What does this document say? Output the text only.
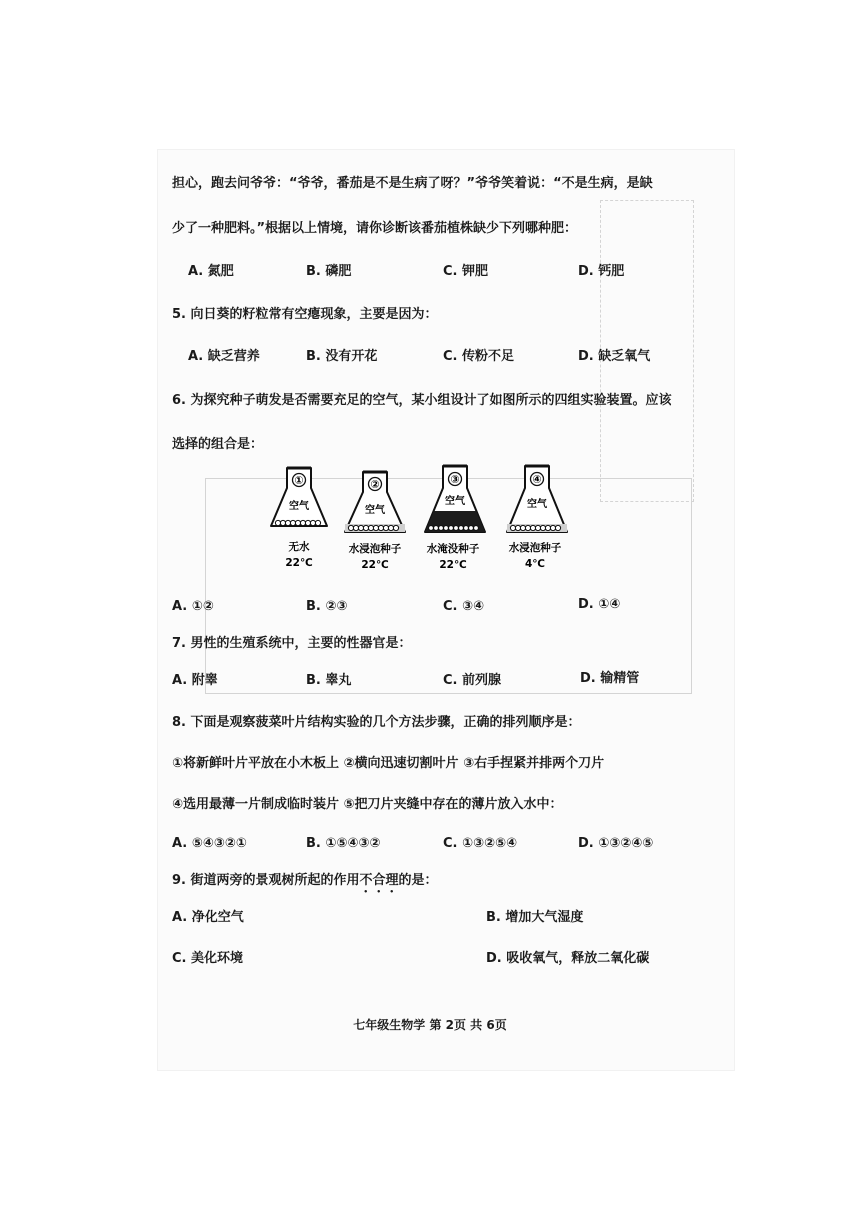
担心，跑去问爷爷：“爷爷，番茄是不是生病了呀？”爷爷笑着说：“不是生病，是缺
少了一种肥料。”根据以上情境，请你诊断该番茄植株缺少下列哪种肥：
A. 氮肥	B. 磷肥	C. 钾肥	D. 钙肥
5. 向日葵的籽粒常有空瘪现象，主要是因为：
A. 缺乏营养	B. 没有开花	C. 传粉不足	D. 缺乏氧气
6. 为探究种子萌发是否需要充足的空气，某小组设计了如图所示的四组实验装置。应该
选择的组合是：
①
空气
无水
22℃
②
空气
水浸泡种子
22℃
③
空气
水淹没种子
22℃
④
空气
水浸泡种子
4℃
A. ①②	B. ②③	C. ③④	D. ①④
7. 男性的生殖系统中，主要的性器官是：
A. 附睾	B. 睾丸	C. 前列腺	D. 输精管
8. 下面是观察菠菜叶片结构实验的几个方法步骤，正确的排列顺序是：
①将新鲜叶片平放在小木板上 ②横向迅速切割叶片 ③右手捏紧并排两个刀片
④选用最薄一片制成临时装片 ⑤把刀片夹缝中存在的薄片放入水中：
A. ⑤④③②①	B. ①⑤④③②	C. ①③②⑤④	D. ①③②④⑤
9. 街道两旁的景观树所起的作用不合理的是：
A. 净化空气	B. 增加大气湿度
C. 美化环境	D. 吸收氧气，释放二氧化碳
七年级生物学 第 2页 共 6页
